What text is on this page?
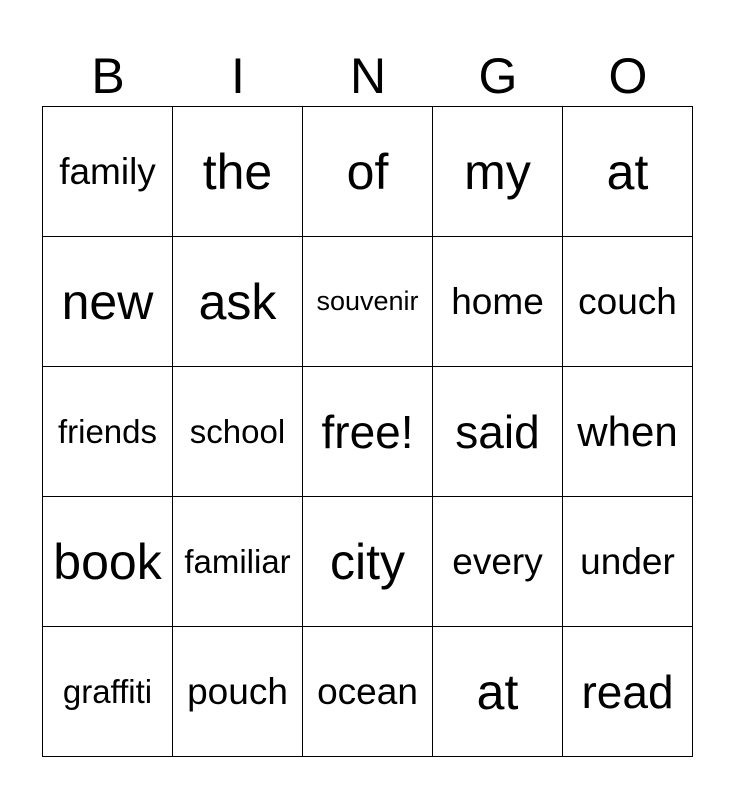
B	I	N	G	O
family the of my at
new ask souvenir home couch
friends school free! said when
book familiar city every under
graffiti pouch ocean at read
